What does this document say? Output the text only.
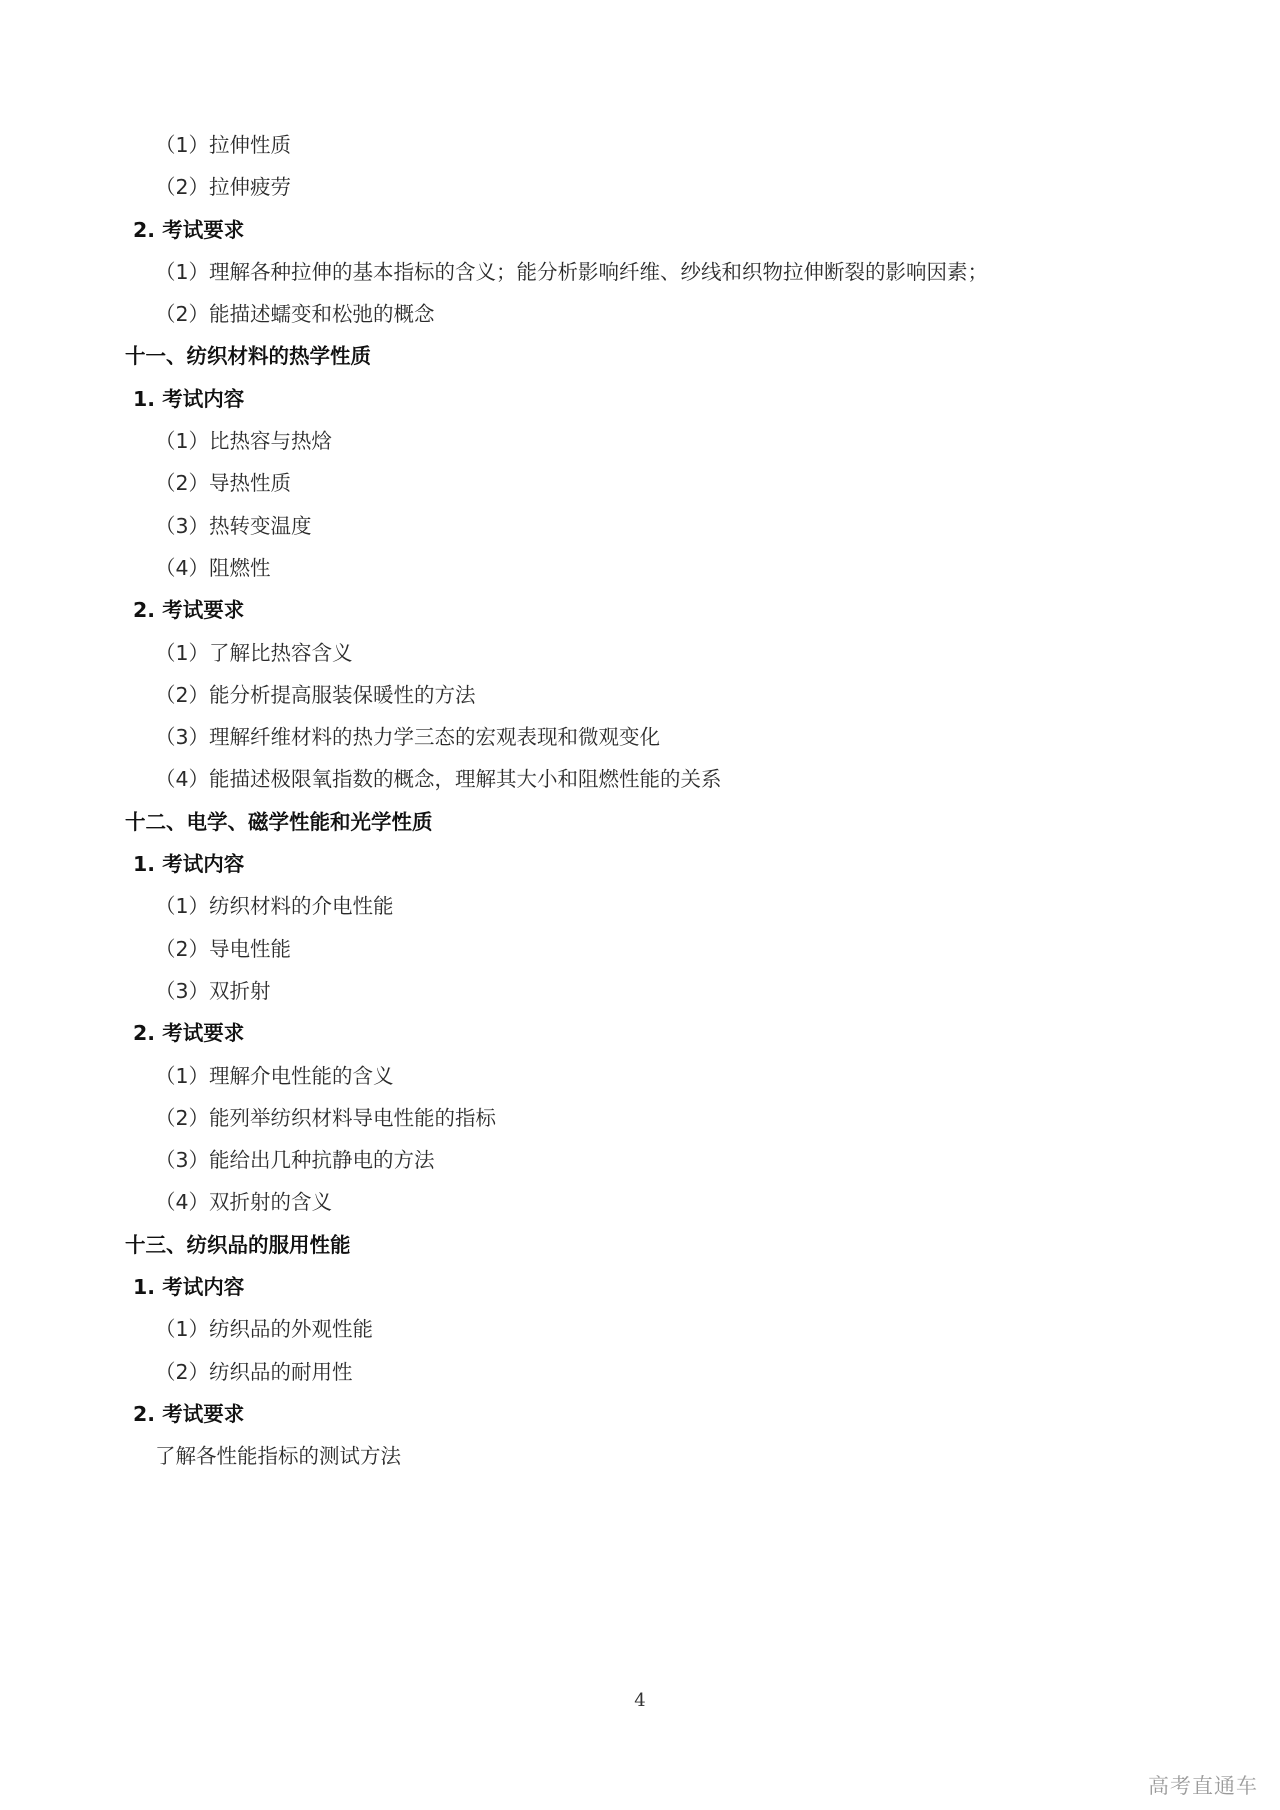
（1）拉伸性质
（2）拉伸疲劳
2. 考试要求
（1）理解各种拉伸的基本指标的含义；能分析影响纤维、纱线和织物拉伸断裂的影响因素；
（2）能描述蠕变和松弛的概念
十一、纺织材料的热学性质
1. 考试内容
（1）比热容与热焓
（2）导热性质
（3）热转变温度
（4）阻燃性
2. 考试要求
（1）了解比热容含义
（2）能分析提高服装保暖性的方法
（3）理解纤维材料的热力学三态的宏观表现和微观变化
（4）能描述极限氧指数的概念，理解其大小和阻燃性能的关系
十二、电学、磁学性能和光学性质
1. 考试内容
（1）纺织材料的介电性能
（2）导电性能
（3）双折射
2. 考试要求
（1）理解介电性能的含义
（2）能列举纺织材料导电性能的指标
（3）能给出几种抗静电的方法
（4）双折射的含义
十三、纺织品的服用性能
1. 考试内容
（1）纺织品的外观性能
（2）纺织品的耐用性
2. 考试要求
了解各性能指标的测试方法
4
高考直通车
